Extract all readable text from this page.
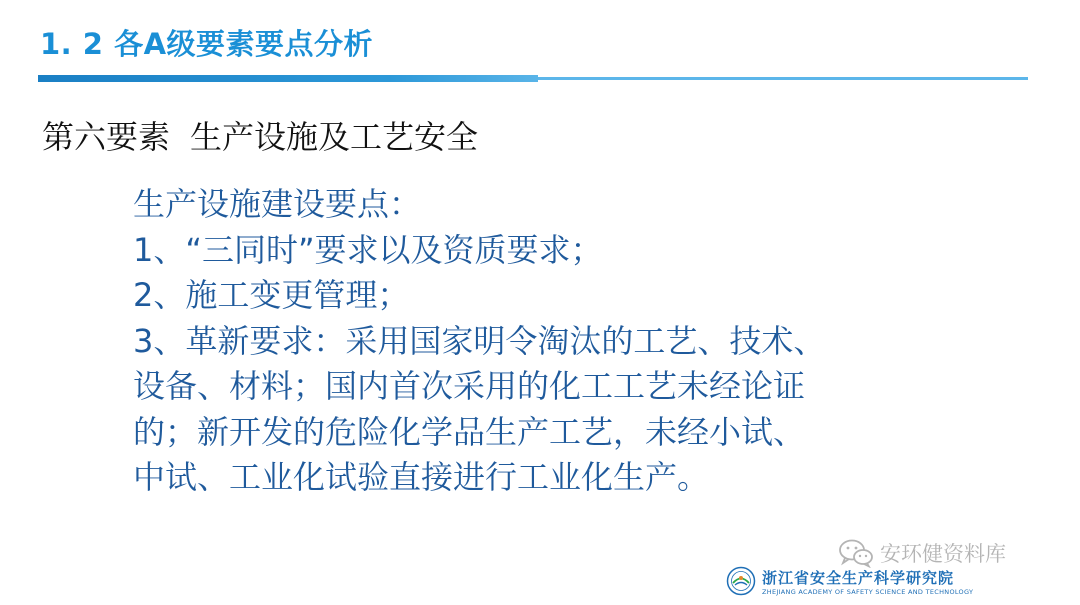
1. 2 各A级要素要点分析
第六要素 生产设施及工艺安全
生产设施建设要点：
1、“三同时”要求以及资质要求；
2、施工变更管理；
3、革新要求：采用国家明令淘汰的工艺、技术、
设备、材料；国内首次采用的化工工艺未经论证
的；新开发的危险化学品生产工艺，未经小试、
中试、工业化试验直接进行工业化生产。
安环健资料库
浙江省安全生产科学研究院
ZHEJIANG ACADEMY OF SAFETY SCIENCE AND TECHNOLOGY
